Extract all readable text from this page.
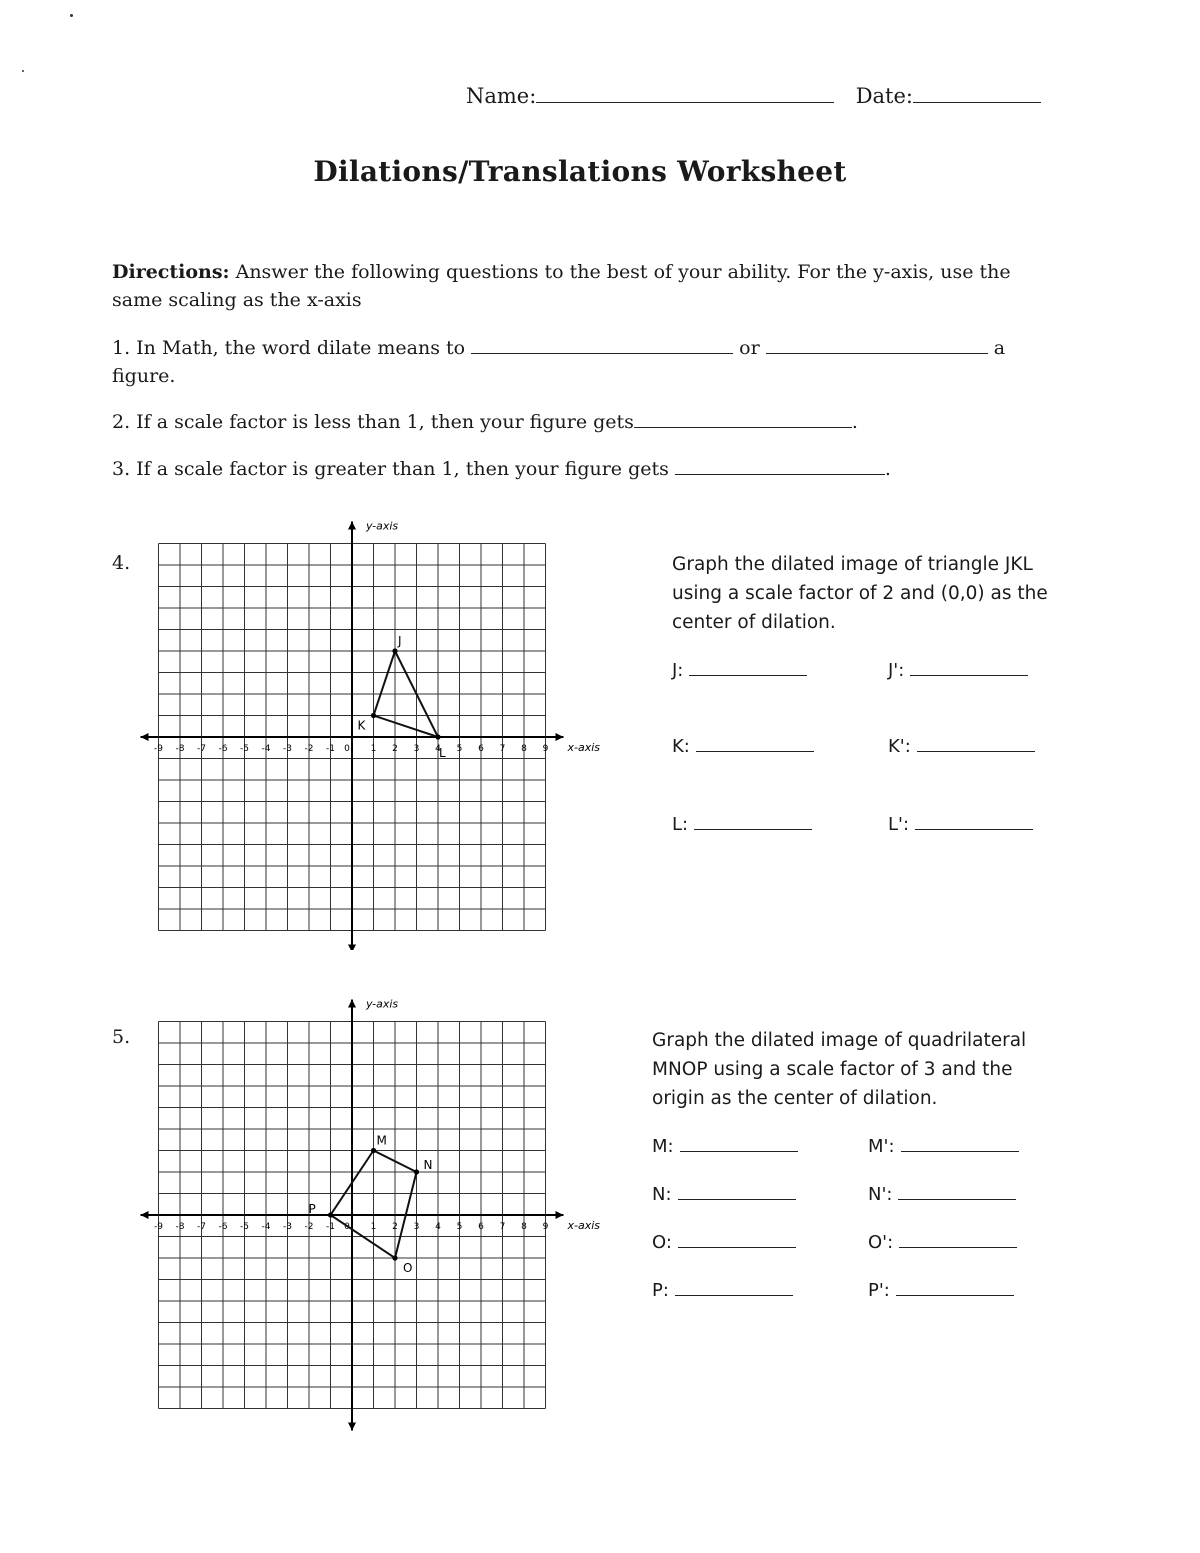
Name:	Date:
Dilations/Translations Worksheet
Directions: Answer the following questions to the best of your ability. For the y-axis, use the same scaling as the x-axis
1. In Math, the word dilate means to	or	a
figure.
2. If a scale factor is less than 1, then your figure gets	.
3. If a scale factor is greater than 1, then your figure gets	.
4.
y-axis
x-axis
-9 -8 -7 -6 -5 -4 -3 -2 -1 0 1 2 3 4 5 6 7 8 9
J
K
L
Graph the dilated image of triangle JKL using a scale factor of 2 and (0,0) as the center of dilation.
J:	J':
K:	K':
L:	L':
5.
y-axis
x-axis
-9 -8 -7 -6 -5 -4 -3 -2 -1 0 1 2 3 4 5 6 7 8 9
M
N
O
P
Graph the dilated image of quadrilateral MNOP using a scale factor of 3 and the origin as the center of dilation.
M:	M':
N:	N':
O:	O':
P:	P':
